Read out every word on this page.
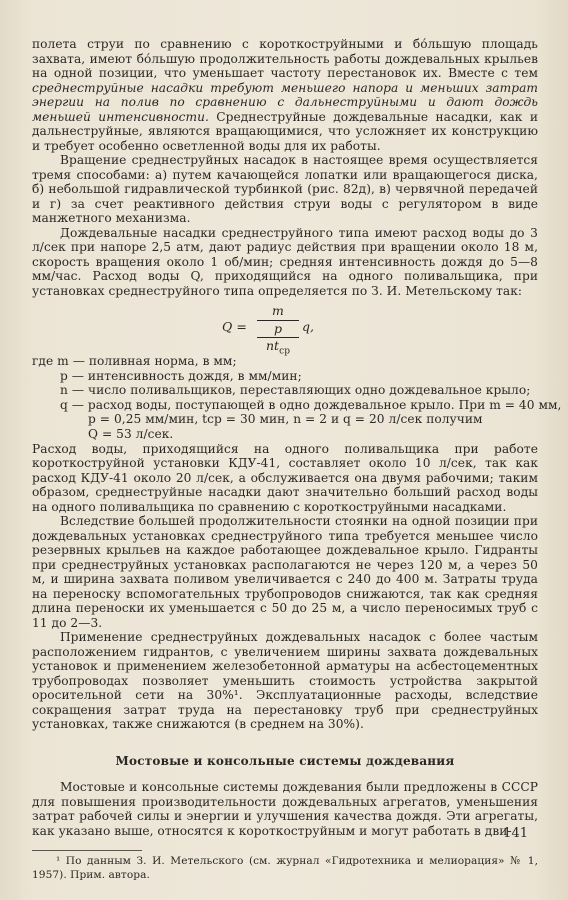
полета струи по сравнению с короткоструйными и бо́льшую площадь захвата, имеют бо́льшую продолжительность работы дождевальных крыльев на одной позиции, что уменьшает частоту перестановок их. Вместе с тем среднеструйные насадки требуют меньшего напора и меньших затрат энергии на полив по сравнению с дальнеструйными и дают дождь меньшей интенсивности. Среднеструйные дождевальные насадки, как и дальнеструйные, являются вращающимися, что усложняет их конструкцию и требует особенно осветленной воды для их работы.

Вращение среднеструйных насадок в настоящее время осуществляется тремя способами: а) путем качающейся лопатки или вращающегося диска, б) небольшой гидравлической турбинкой (рис. 82д), в) червячной передачей и г) за счет реактивного действия струи воды с регулятором в виде манжетного механизма.

Дождевальные насадки среднеструйного типа имеют расход воды до 3 л/сек при напоре 2,5 атм, дают радиус действия при вращении около 18 м, скорость вращения около 1 об/мин; средняя интенсивность дождя до 5—8 мм/час. Расход воды Q, приходящийся на одного поливальщика, при установках среднеструйного типа определяется по З. И. Метельскому так:

Q =
m
p
$nt_{ср}$
q,
где m — поливная норма, в мм;
p — интенсивность дождя, в мм/мин;
n — число поливальщиков, переставляющих одно дождевальное крыло;
q — расход воды, поступающей в одно дождевальное крыло. При m = 40 мм,
p = 0,25 мм/мин, tср = 30 мин, n = 2 и q = 20 л/сек получим
Q = 53 л/сек.

Расход воды, приходящийся на одного поливальщика при работе короткоструйной установки КДУ-41, составляет около 10 л/сек, так как расход КДУ-41 около 20 л/сек, а обслуживается она двумя рабочими; таким образом, среднеструйные насадки дают значительно больший расход воды на одного поливальщика по сравнению с короткоструйными насадками.

Вследствие большей продолжительности стоянки на одной позиции при дождевальных установках среднеструйного типа требуется меньшее число резервных крыльев на каждое работающее дождевальное крыло. Гидранты при среднеструйных установках располагаются не через 120 м, а через 50 м, и ширина захвата поливом увеличивается с 240 до 400 м. Затраты труда на переноску вспомогательных трубопроводов снижаются, так как средняя длина переноски их уменьшается с 50 до 25 м, а число переносимых труб с 11 до 2—3.

Применение среднеструйных дождевальных насадок с более частым расположением гидрантов, с увеличением ширины захвата дождевальных установок и применением железобетонной арматуры на асбестоцементных трубопроводах позволяет уменьшить стоимость устройства закрытой оросительной сети на 30%¹. Эксплуатационные расходы, вследствие сокращения затрат труда на перестановку труб при среднеструйных установках, также снижаются (в среднем на 30%).

Мостовые и консольные системы дождевания

Мостовые и консольные системы дождевания были предложены в СССР для повышения производительности дождевальных агрегатов, уменьшения затрат рабочей силы и энергии и улучшения качества дождя. Эти агрегаты, как указано выше, относятся к короткоструйным и могут работать в дви-

¹ По данным З. И. Метельского (см. журнал «Гидротехника и мелиорация» № 1, 1957). Прим. автора.

141
